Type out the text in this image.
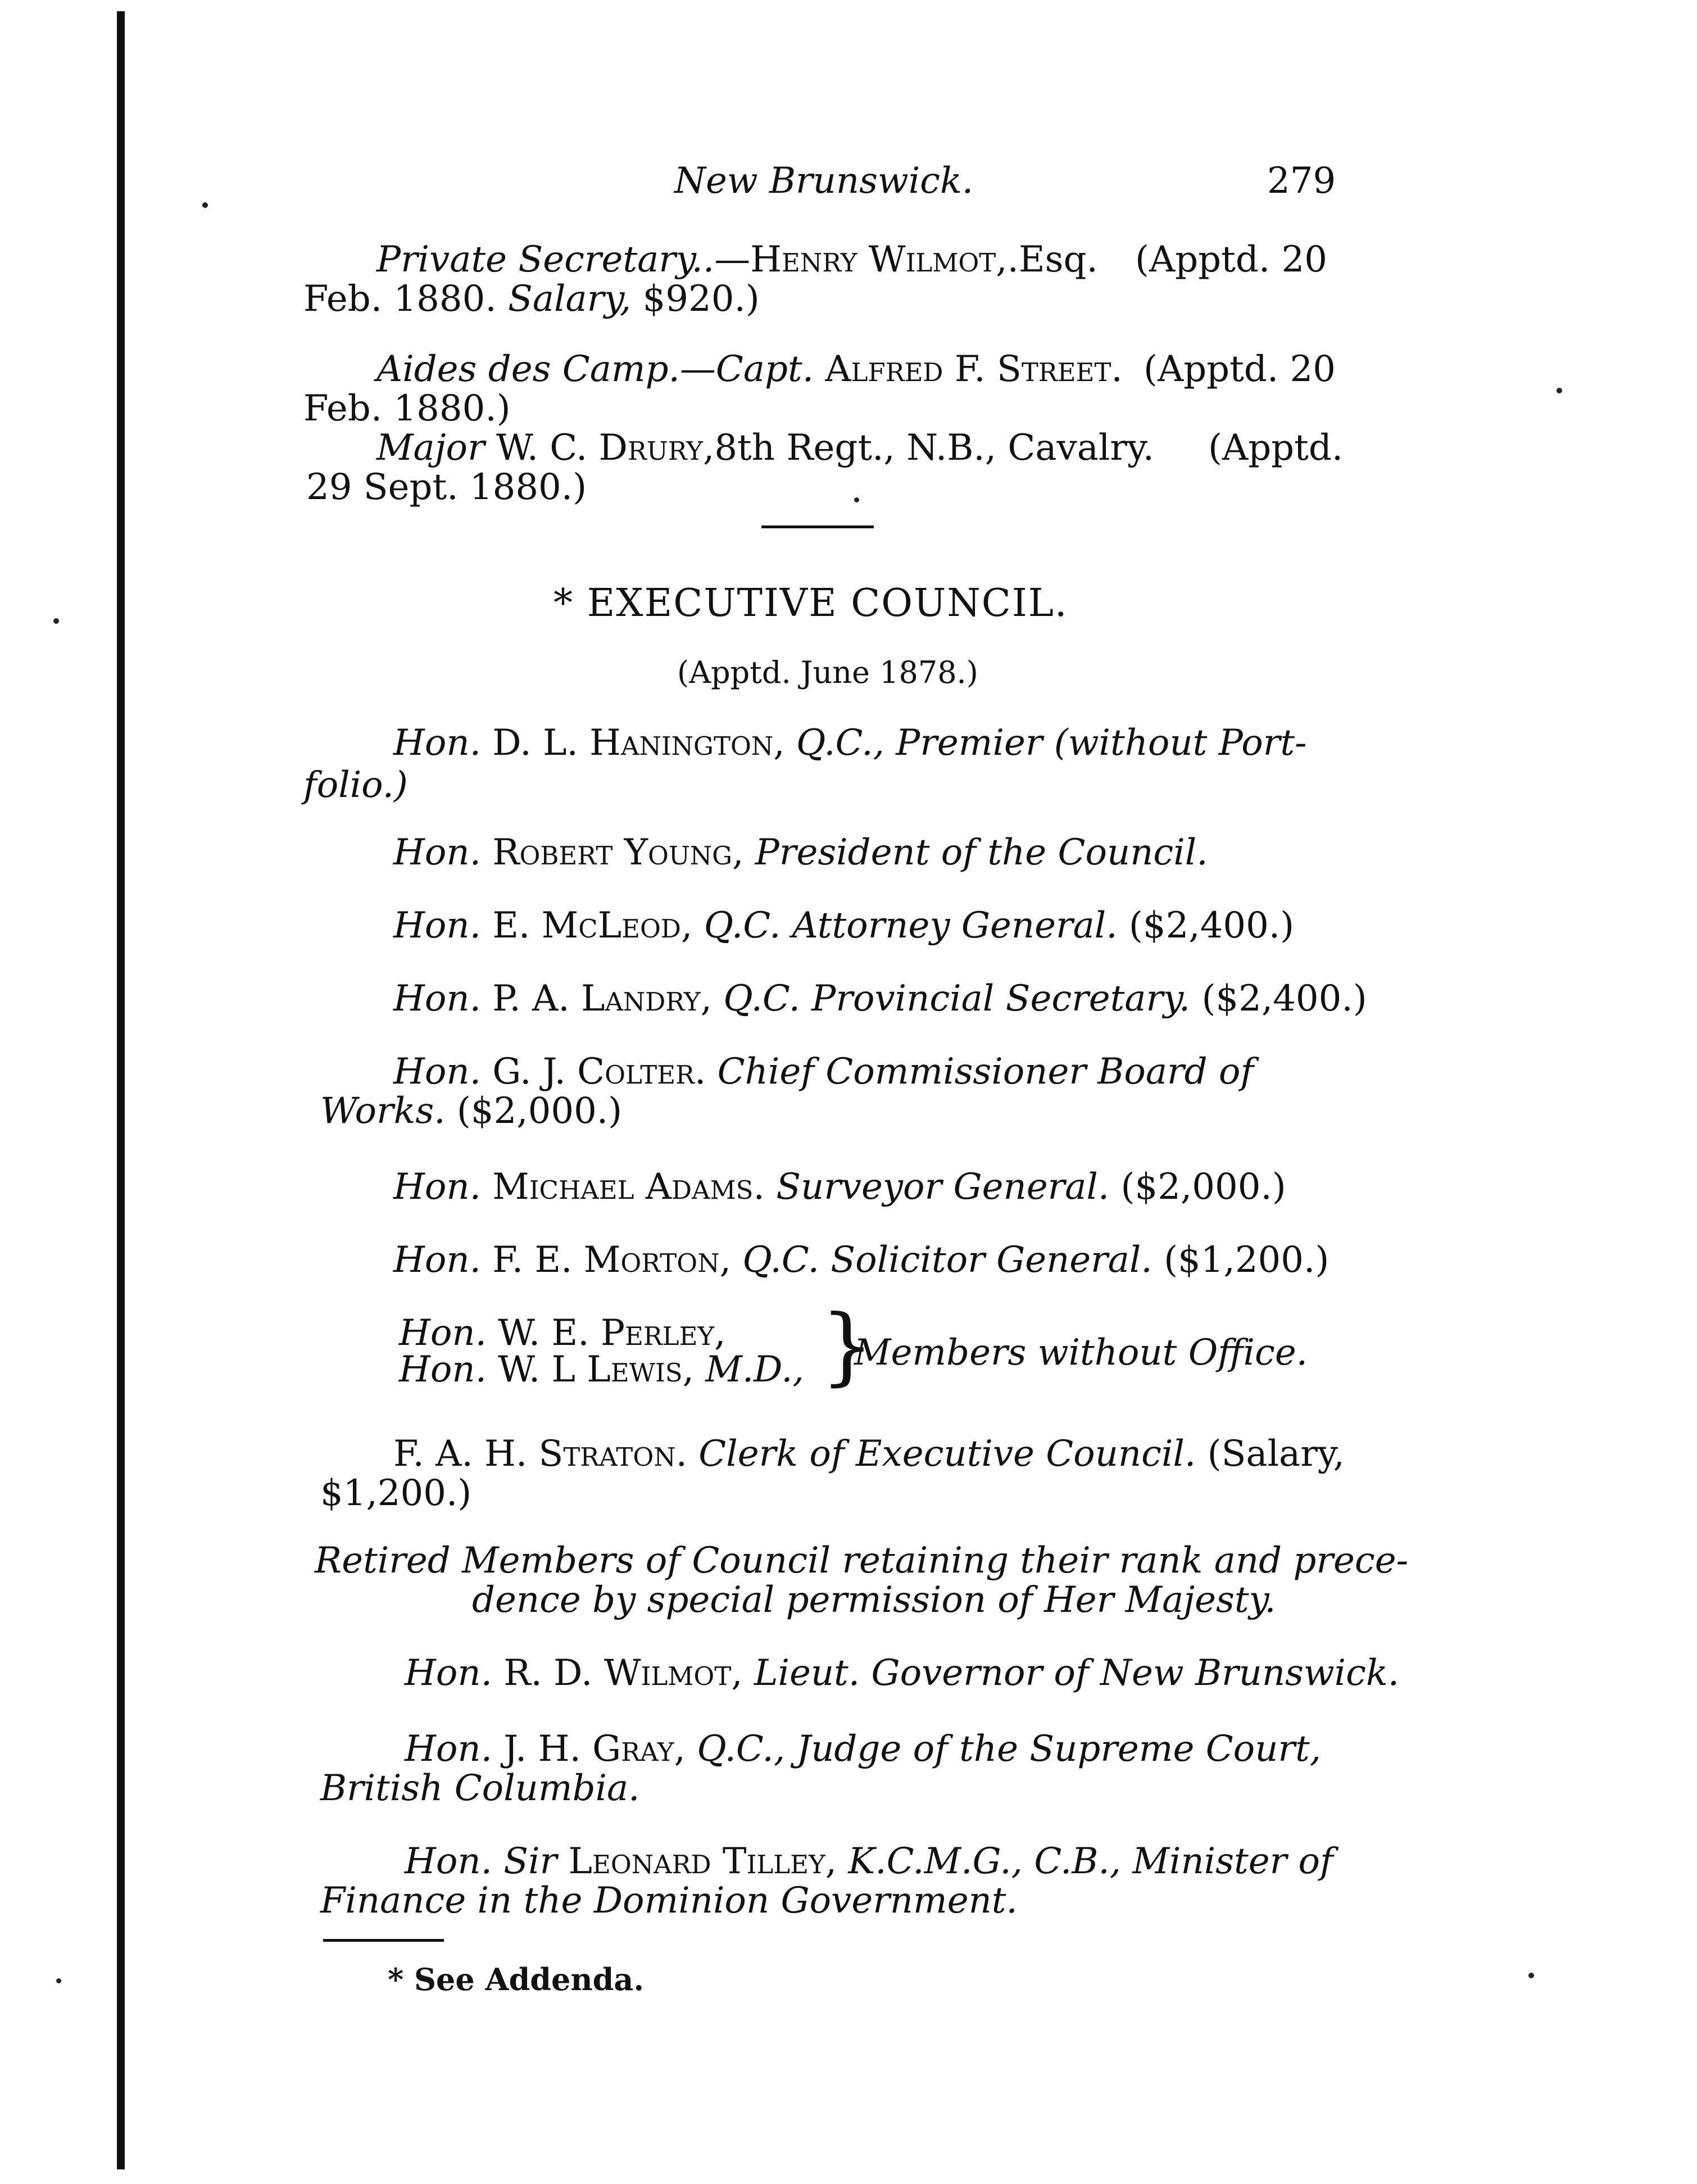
New Brunswick.	279
Private Secretary..—Henry Wilmot,.Esq. (Apptd. 20
Feb. 1880. Salary, $920.)
Aides des Camp.—Capt. Alfred F. Street. (Apptd. 20
Feb. 1880.)
Major W. C. Drury,8th Regt., N.B., Cavalry. (Apptd.
29 Sept. 1880.)
* EXECUTIVE COUNCIL.
(Apptd. June 1878.)
Hon. D. L. Hanington, Q.C., Premier (without Port-
folio.)
Hon. Robert Young, President of the Council.
Hon. E. McLeod, Q.C. Attorney General. ($2,400.)
Hon. P. A. Landry, Q.C. Provincial Secretary. ($2,400.)
Hon. G. J. Colter. Chief Commissioner Board of
Works. ($2,000.)
Hon. Michael Adams. Surveyor General. ($2,000.)
Hon. F. E. Morton, Q.C. Solicitor General. ($1,200.)
Hon. W. E. Perley,
Hon. W. L Lewis, M.D., }
Members without Office.
F. A. H. Straton. Clerk of Executive Council. (Salary,
$1,200.)
Retired Members of Council retaining their rank and prece-
dence by special permission of Her Majesty.
Hon. R. D. Wilmot, Lieut. Governor of New Brunswick.
Hon. J. H. Gray, Q.C., Judge of the Supreme Court,
British Columbia.
Hon. Sir Leonard Tilley, K.C.M.G., C.B., Minister of
Finance in the Dominion Government.
* See Addenda.
